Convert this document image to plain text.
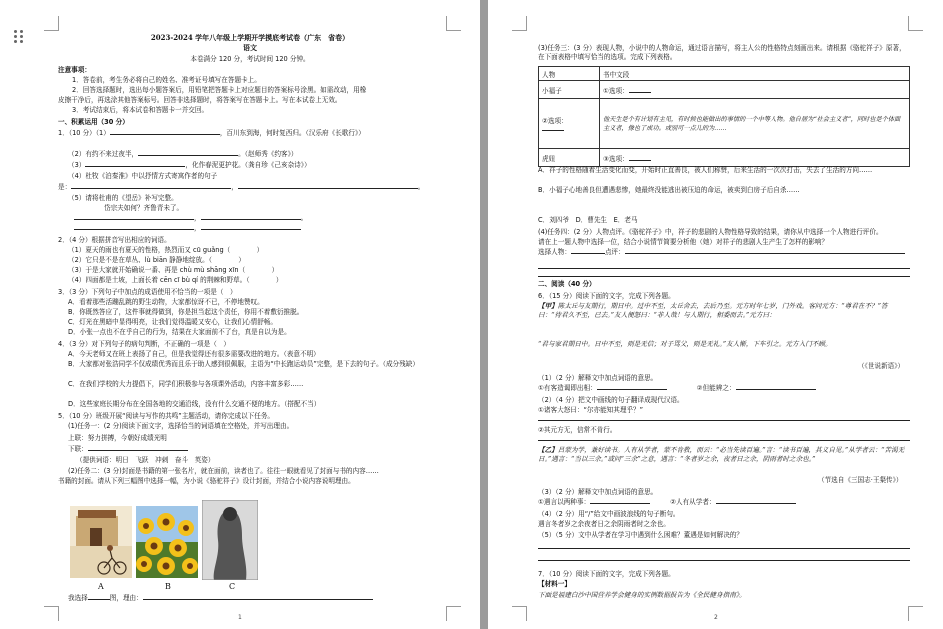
2023-2024 学年八年级上学期开学摸底考试卷（广东　省卷）
语文
本卷满分 120 分，考试时间 120 分钟。
注意事项：
1．答卷前，考生务必将自己的姓名、准考证号填写在答题卡上。
2．回答选择题时，选出每小题答案后，用铅笔把答题卡上对应题目的答案标号涂黑。如需改动，用橡
皮擦干净后，再选涂其他答案标号。回答非选择题时，将答案写在答题卡上。写在本试卷上无效。
3．考试结束后，将本试卷和答题卡一并交回。
一、积累运用（30 分）
1．（10 分）（1）	，百川东到海，何时复西归。（汉乐府《长歌行》）
（2）有约不来过夜半，	。（赵师秀《约客》）
（3）	，化作春泥更护花。（龚自珍《己亥杂诗》）
（4）杜牧《泊秦淮》中以抒情方式寄寓作者的句子
是：	，	。
（5）请将杜甫的《望岳》补写完整。
岱宗夫如何？齐鲁青未了。
，	。
，
2．（4 分）根据拼音写出相应的词语。
（1）夏天的雨也有夏天的性格，热烈而又 cū guǎng（　　　　）
（2）它只是不是在草丛、lù biān 静静地绽放。（　　　　）
（3）于是大家就开始确说一番、再是 chù mù shāng xīn（　　　　）
（4）四面都是土坡，上面长着 cēn cī bù qí 的荆棘和野草。（　　　　）
3．（3 分）下列句子中加点的成语使用不恰当的一项是（　）
A．看着那些活蹦乱跳的野生动物，大家都惊讶不已，不停地赞叹。
B．你既然答应了，这件事就得做到，你是担当起这个责任，你用不着敷衍推脱。
C．灯光在黑暗中显得明亮，让我们觉得温暖又安心，让我们心情舒畅。
D．小张一点也不在乎自己的行为，结果在大家面前不了台，真是自以为是。
4．（3 分）对下列句子的病句判断，不正确的一项是（　）
A．今天老师又在班上表扬了自己，但是我觉得还有很多需要改进的地方。（表意不明）
B．大家都对张浩同学不仅成绩优秀而且乐于助人感到很佩服，主语为“中长跑运动员”完整，是下去的句子。（成分残缺）
C．在我们学校的大力提倡下，同学们积极参与各项课外活动，内容丰富多彩……
D．这些家庭长期分布在全国各地的交通沿线，没有什么交通不便的地方。（搭配不当）
5．（10 分）班级开展“阅读与写作的共鸣”主题活动，请你完成以下任务。
(1)任务一：(2 分)阅读下面文字，选择恰当的词语填在空格处，并写出理由。
上联：努力拼搏，今朝好成绩光明
下联：
（提供词语：明日　飞跃　冲刺　奋斗　英姿）
(2)任务二：(3 分)封面是书籍的第一张名片，就在面前，读者也了。往往一眼就看见了封面与书的内容……
书籍的封面。请从下列三幅图中选择一幅，为小说《骆驼祥子》设计封面，并结合小说内容说明理由。
A	B	C
我选择	图，理由：
1
(3)任务三：(3 分）表现人物，小说中的人物命运，通过语言描写，将主人公的性格特点刻画出来。请根据《骆驼祥子》原著，在下面表格中填写恰当的选项。完成下列表格。
人物	书中文段
小福子	①选项：
②选项：	他天生是个有计划有主见，有时候也能做出的事情的一个中等人物。他自居为“社会主义者”，同时也是个体面主义者，像也了成功。或别可一点儿的为……
虎妞	③选项：
A．祥子的性格随着生活变化而变，开始时正直善良，被人们称赞，后来生活的一次次打击，失去了生活的方向……
B．小福子心地善良但遭遇悲惨，她最终没能逃出被压迫的命运，被卖到白房子后自杀……
C．刘四爷　D．曹先生　E．老马
(4)任务四：(2 分）人物点评。《骆驼祥子》中，祥子的悲剧的人物性格导致的结果，请你从中选择一个人物进行评价。
请在上一题人物中选择一位，结合小说情节简要分析他（她）对祥子的悲剧人生产生了怎样的影响？
选择人物：	点评：
二、阅读（40 分）
6．（15 分）阅读下面的文字，完成下列各题。
【甲】陈太丘与友期行，期日中。过中不至，太丘舍去，去后乃至。元方时年七岁，门外戏。客问元方：“尊君在不？”答曰：“待君久不至，已去。”友人便怒曰：“非人哉！与人期行，相委而去。”元方曰：
“君与家君期日中。日中不至，则是无信；对子骂父，则是无礼。”友人惭，下车引之。元方入门不顾。
（《世说新语》）
（1）（2 分）解释文中加点词语的意思。
①有客造谒即出相：	②但能辨之：
（2）（4 分）把文中画线的句子翻译成现代汉语。
①诸客大怒曰：“尔亦能知其理乎？”
②其元方无，信常不肯行。
【乙】吕蒙为学，兼好读书。人有从学者，蒙不肯教，而云：“必当先读百遍。”言：“读书百遍，其义自见。”从学者云：“苦渴无日。”遇言：“当以三余。”或问“三余”之意，遇言：“冬者岁之余，夜者日之余，阴雨者时之余也。”
（节选自《三国志·王粲传》）
（3）（2 分）解释文中加点词语的意思。
①遇言以两种事：	②人有从学者：
（4）（2 分）用“/”给文中画波浪线的句子断句。
遇言冬者岁之余夜者日之余阴雨者时之余也。
（5）（5 分）文中从学者在学习中遇到什么困难？董遇是如何解决的？
7．（10 分）阅读下面的文字，完成下列各题。
【材料一】
下面是福建白沙中国营养学会健身的实例数据报告为《全民健身指南》。
2
